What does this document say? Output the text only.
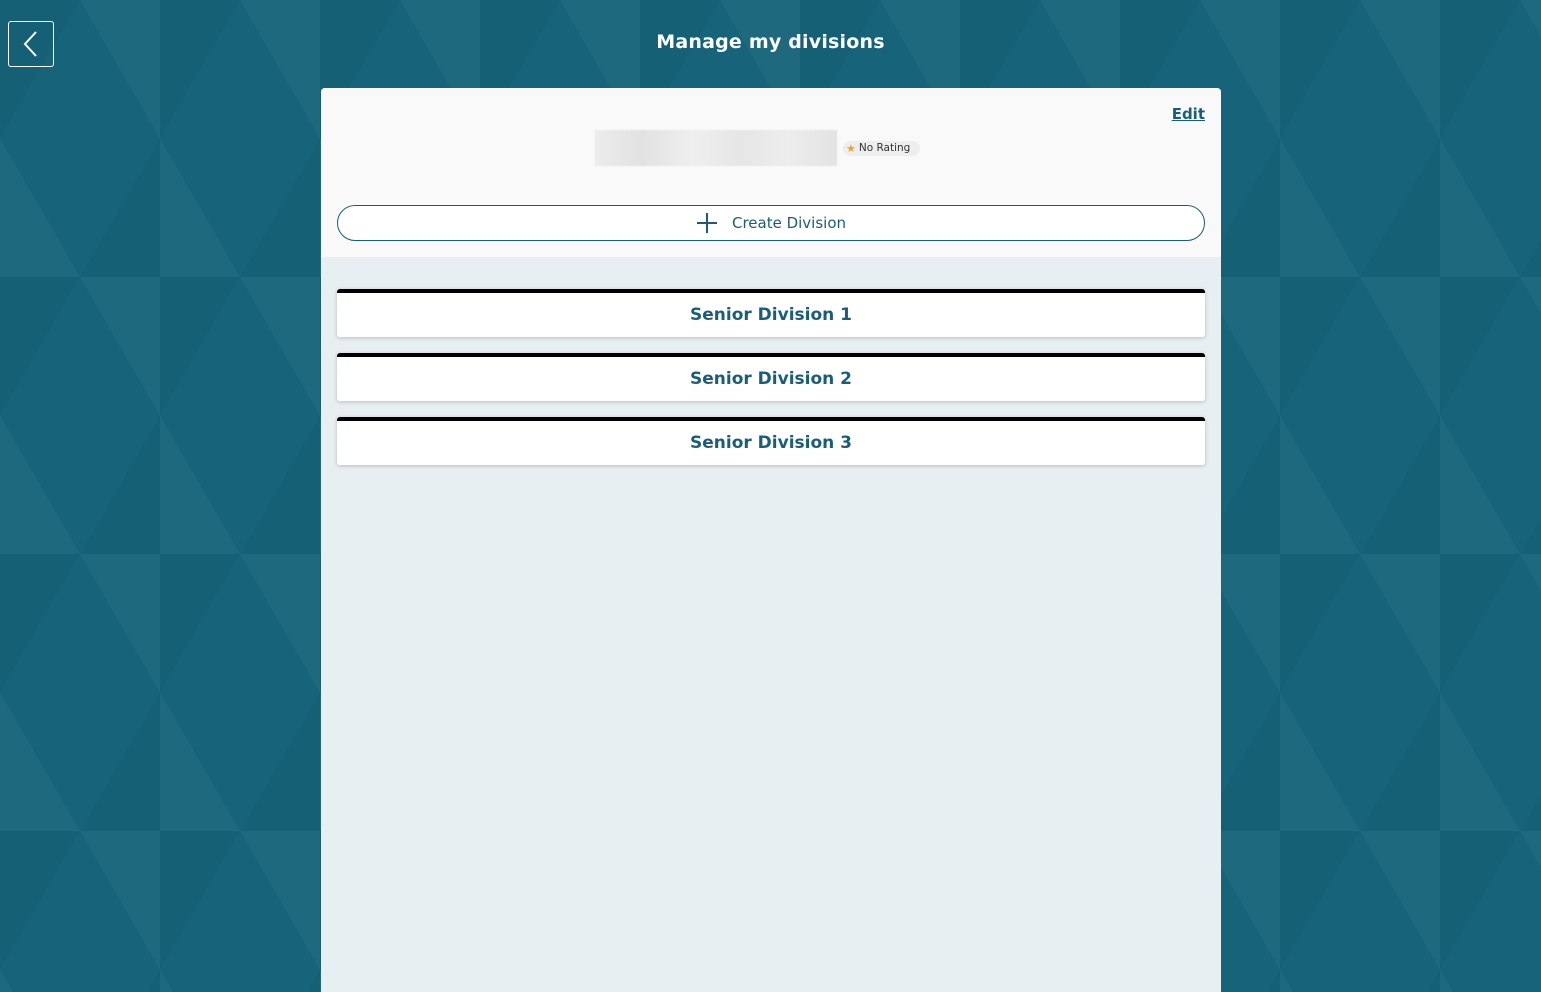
Manage my divisions
Edit
★ No Rating
Create Division
Senior Division 1
Senior Division 2
Senior Division 3
